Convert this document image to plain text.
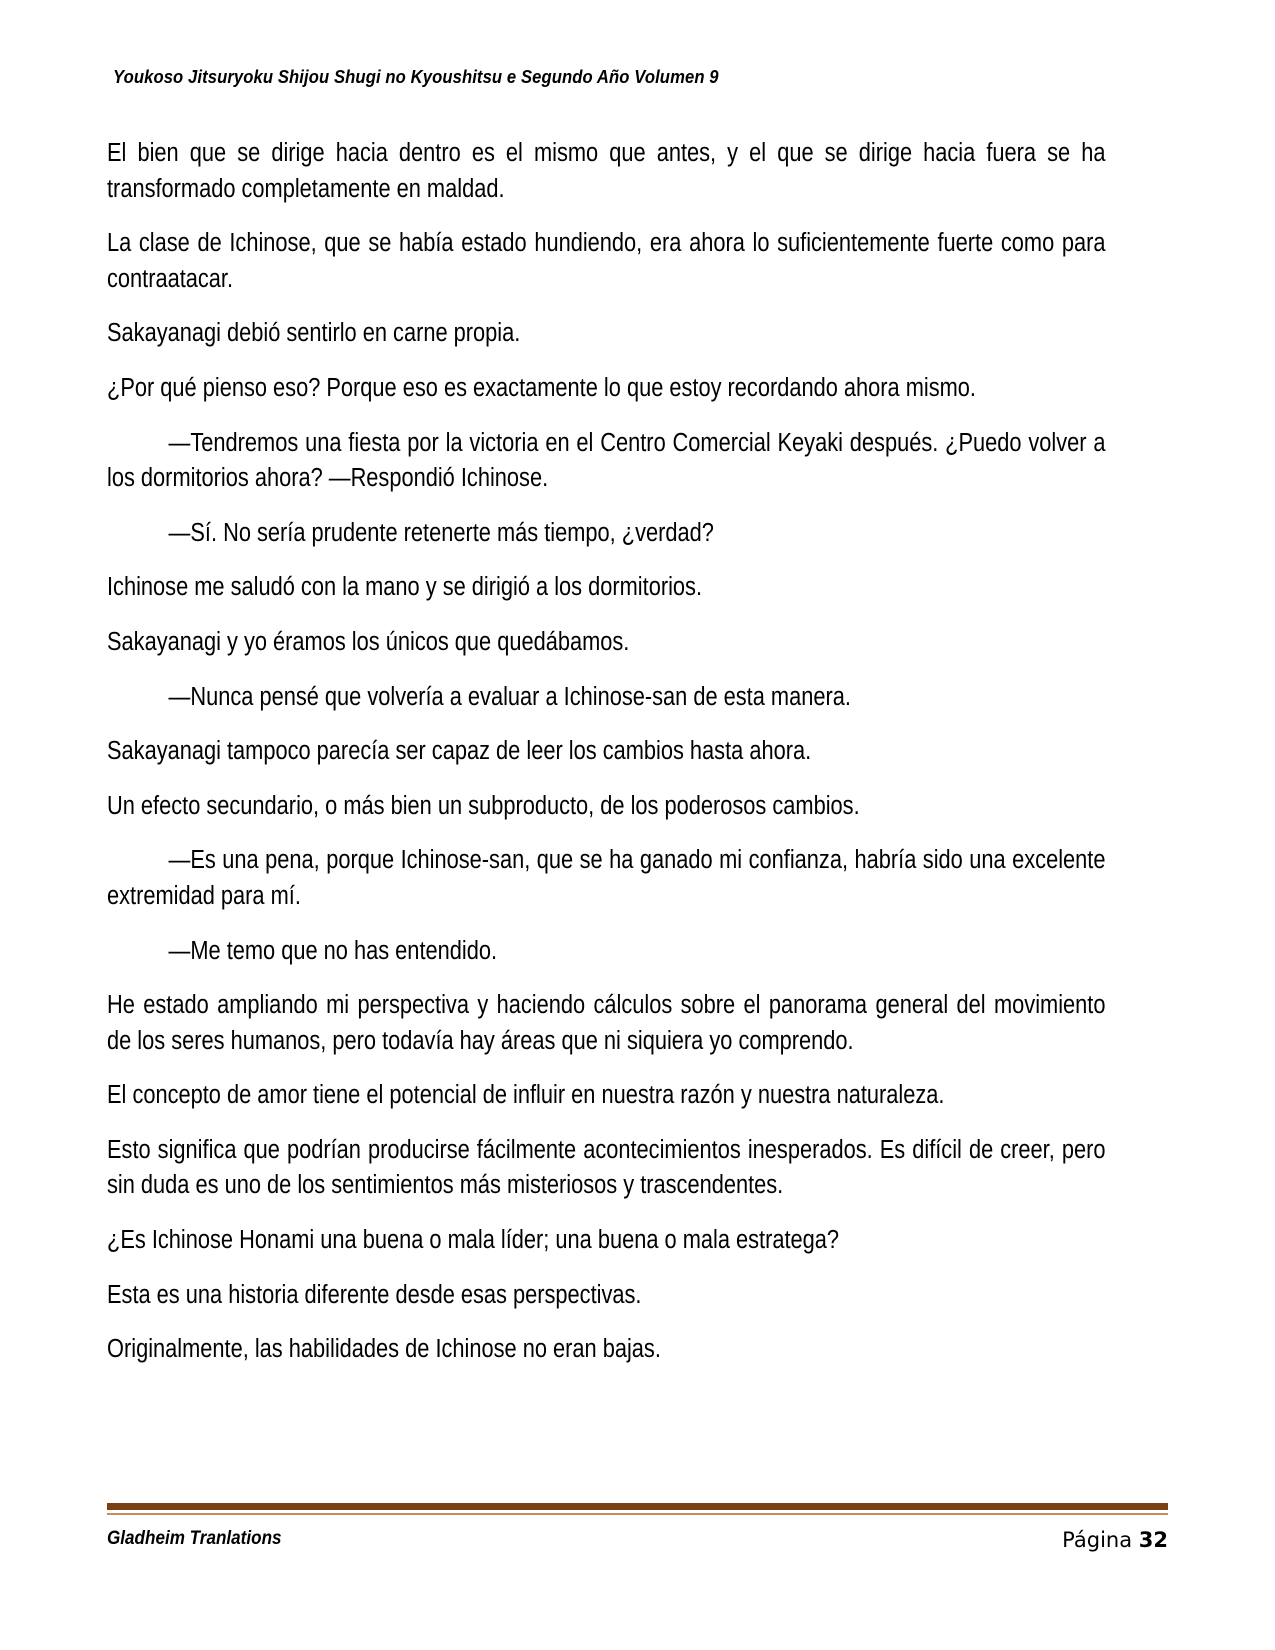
Youkoso Jitsuryoku Shijou Shugi no Kyoushitsu e Segundo Año Volumen 9

El bien que se dirige hacia dentro es el mismo que antes, y el que se dirige hacia fuera se ha transformado completamente en maldad.

La clase de Ichinose, que se había estado hundiendo, era ahora lo suficientemente fuerte como para contraatacar.

Sakayanagi debió sentirlo en carne propia.

¿Por qué pienso eso? Porque eso es exactamente lo que estoy recordando ahora mismo.

—Tendremos una fiesta por la victoria en el Centro Comercial Keyaki después. ¿Puedo volver a los dormitorios ahora? —Respondió Ichinose.

—Sí. No sería prudente retenerte más tiempo, ¿verdad?

Ichinose me saludó con la mano y se dirigió a los dormitorios.

Sakayanagi y yo éramos los únicos que quedábamos.

—Nunca pensé que volvería a evaluar a Ichinose-san de esta manera.

Sakayanagi tampoco parecía ser capaz de leer los cambios hasta ahora.

Un efecto secundario, o más bien un subproducto, de los poderosos cambios.

—Es una pena, porque Ichinose-san, que se ha ganado mi confianza, habría sido una excelente extremidad para mí.

—Me temo que no has entendido.

He estado ampliando mi perspectiva y haciendo cálculos sobre el panorama general del movimiento de los seres humanos, pero todavía hay áreas que ni siquiera yo comprendo.

El concepto de amor tiene el potencial de influir en nuestra razón y nuestra naturaleza.

Esto significa que podrían producirse fácilmente acontecimientos inesperados. Es difícil de creer, pero sin duda es uno de los sentimientos más misteriosos y trascendentes.

¿Es Ichinose Honami una buena o mala líder; una buena o mala estratega?

Esta es una historia diferente desde esas perspectivas.

Originalmente, las habilidades de Ichinose no eran bajas.

Gladheim Tranlations	Página 32
